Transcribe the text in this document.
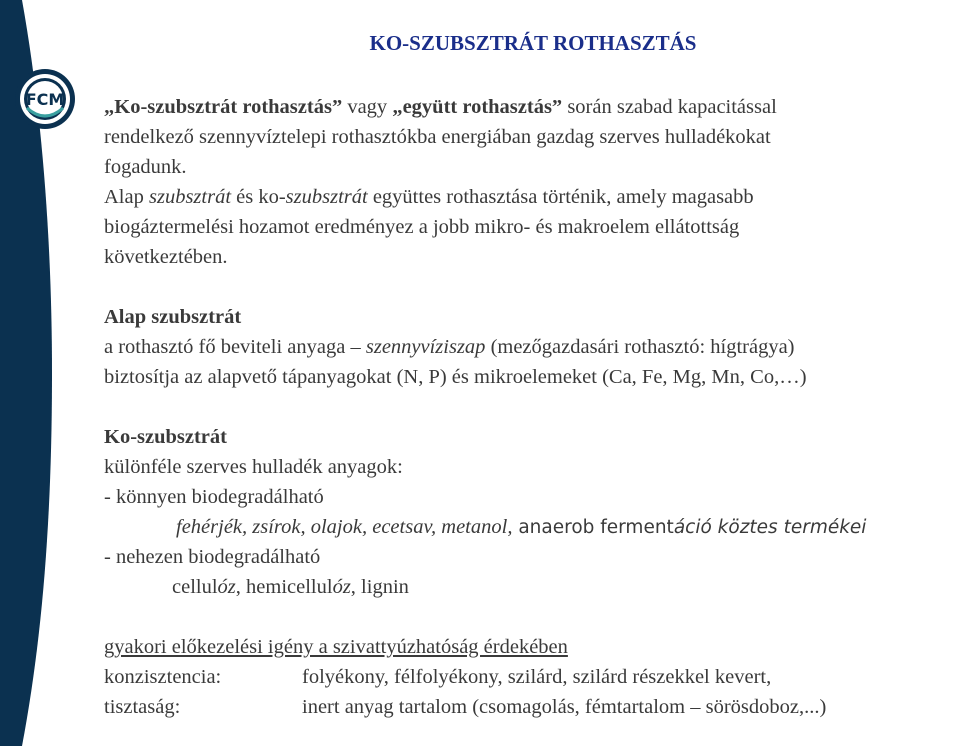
FCM
KO-SZUBSZTRÁT ROTHASZTÁS
„Ko-szubsztrát rothasztás” vagy „együtt rothasztás” során szabad kapacitással
rendelkező szennyvíztelepi rothasztókba energiában gazdag szerves hulladékokat
fogadunk.
Alap szubsztrát és ko-szubsztrát együttes rothasztása történik, amely magasabb
biogáztermelési hozamot eredményez a jobb mikro- és makroelem ellátottság
következtében.
Alap szubsztrát
a rothasztó fő beviteli anyaga – szennyvíziszap (mezőgazdasári rothasztó: hígtrágya)
biztosítja az alapvető tápanyagokat (N, P) és mikroelemeket (Ca, Fe, Mg, Mn, Co,…)
Ko-szubsztrát
különféle szerves hulladék anyagok:
- könnyen biodegradálható
fehérjék, zsírok, olajok, ecetsav, metanol, anaerob fermentáció köztes termékei
- nehezen biodegradálható
cellulóz, hemicellulóz, lignin
gyakori előkezelési igény a szivattyúzhatóság érdekében
konzisztencia:	folyékony, félfolyékony, szilárd, szilárd részekkel kevert,
tisztaság:	inert anyag tartalom (csomagolás, fémtartalom – sörösdoboz,...)
